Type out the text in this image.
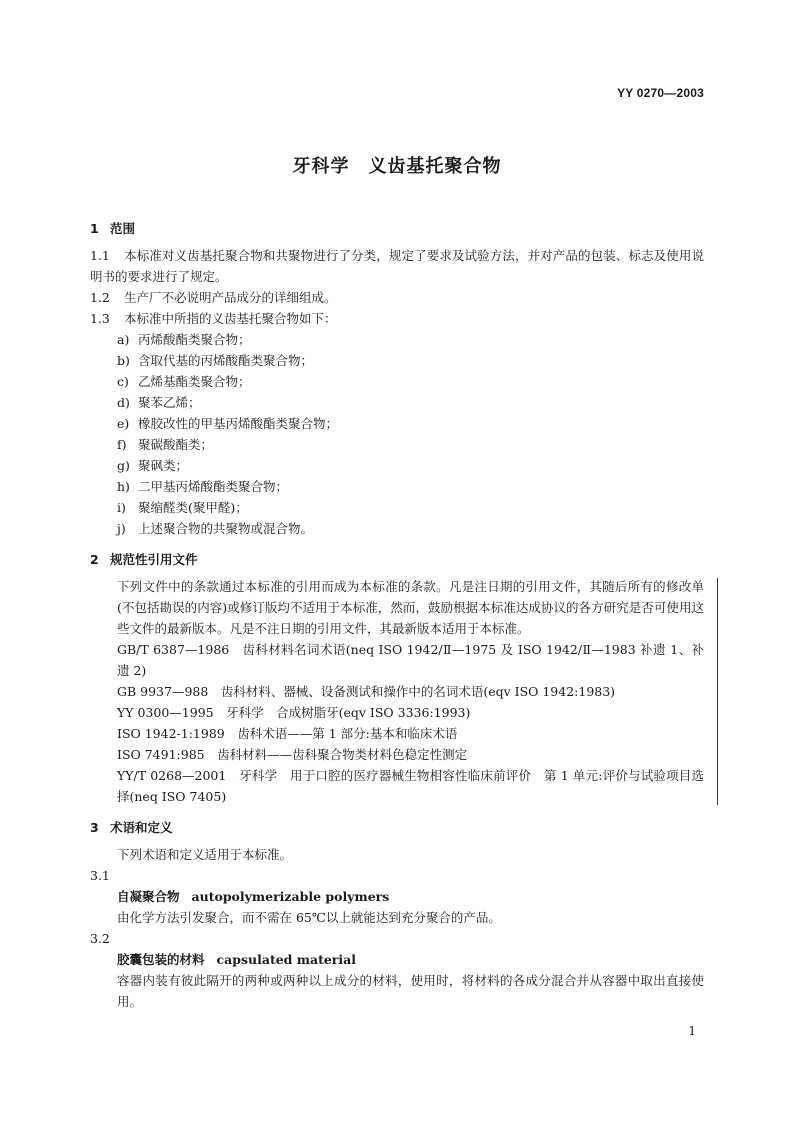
YY 0270—2003
牙科学　义齿基托聚合物
1 范围
1.1 本标准对义齿基托聚合物和共聚物进行了分类，规定了要求及试验方法，并对产品的包装、标志及使用说明书的要求进行了规定。
1.2 生产厂不必说明产品成分的详细组成。
1.3 本标准中所指的义齿基托聚合物如下：
a) 丙烯酸酯类聚合物；
b) 含取代基的丙烯酸酯类聚合物；
c) 乙烯基酯类聚合物；
d) 聚苯乙烯；
e) 橡胶改性的甲基丙烯酸酯类聚合物；
f) 聚碳酸酯类；
g) 聚砜类；
h) 二甲基丙烯酸酯类聚合物；
i) 聚缩醛类(聚甲醛)；
j) 上述聚合物的共聚物或混合物。
2 规范性引用文件
下列文件中的条款通过本标准的引用而成为本标准的条款。凡是注日期的引用文件，其随后所有的修改单(不包括勘误的内容)或修订版均不适用于本标准，然而，鼓励根据本标准达成协议的各方研究是否可使用这些文件的最新版本。凡是不注日期的引用文件，其最新版本适用于本标准。
GB/T 6387—1986　齿科材料名词术语(neq ISO 1942/Ⅱ—1975 及 ISO 1942/Ⅱ—1983 补遗 1、补遗 2)
GB 9937—988　齿科材料、器械、设备测试和操作中的名词术语(eqv ISO 1942:1983)
YY 0300—1995　牙科学　合成树脂牙(eqv ISO 3336:1993)
ISO 1942-1:1989　齿科术语——第 1 部分:基本和临床术语
ISO 7491:985　齿科材料——齿科聚合物类材料色稳定性测定
YY/T 0268—2001　牙科学　用于口腔的医疗器械生物相容性临床前评价　第 1 单元:评价与试验项目选择(neq ISO 7405)
3 术语和定义
下列术语和定义适用于本标准。
3.1
自凝聚合物 autopolymerizable polymers
由化学方法引发聚合，而不需在 65℃以上就能达到充分聚合的产品。
3.2
胶囊包装的材料 capsulated material
容器内装有彼此隔开的两种或两种以上成分的材料，使用时，将材料的各成分混合并从容器中取出直接使用。
1
